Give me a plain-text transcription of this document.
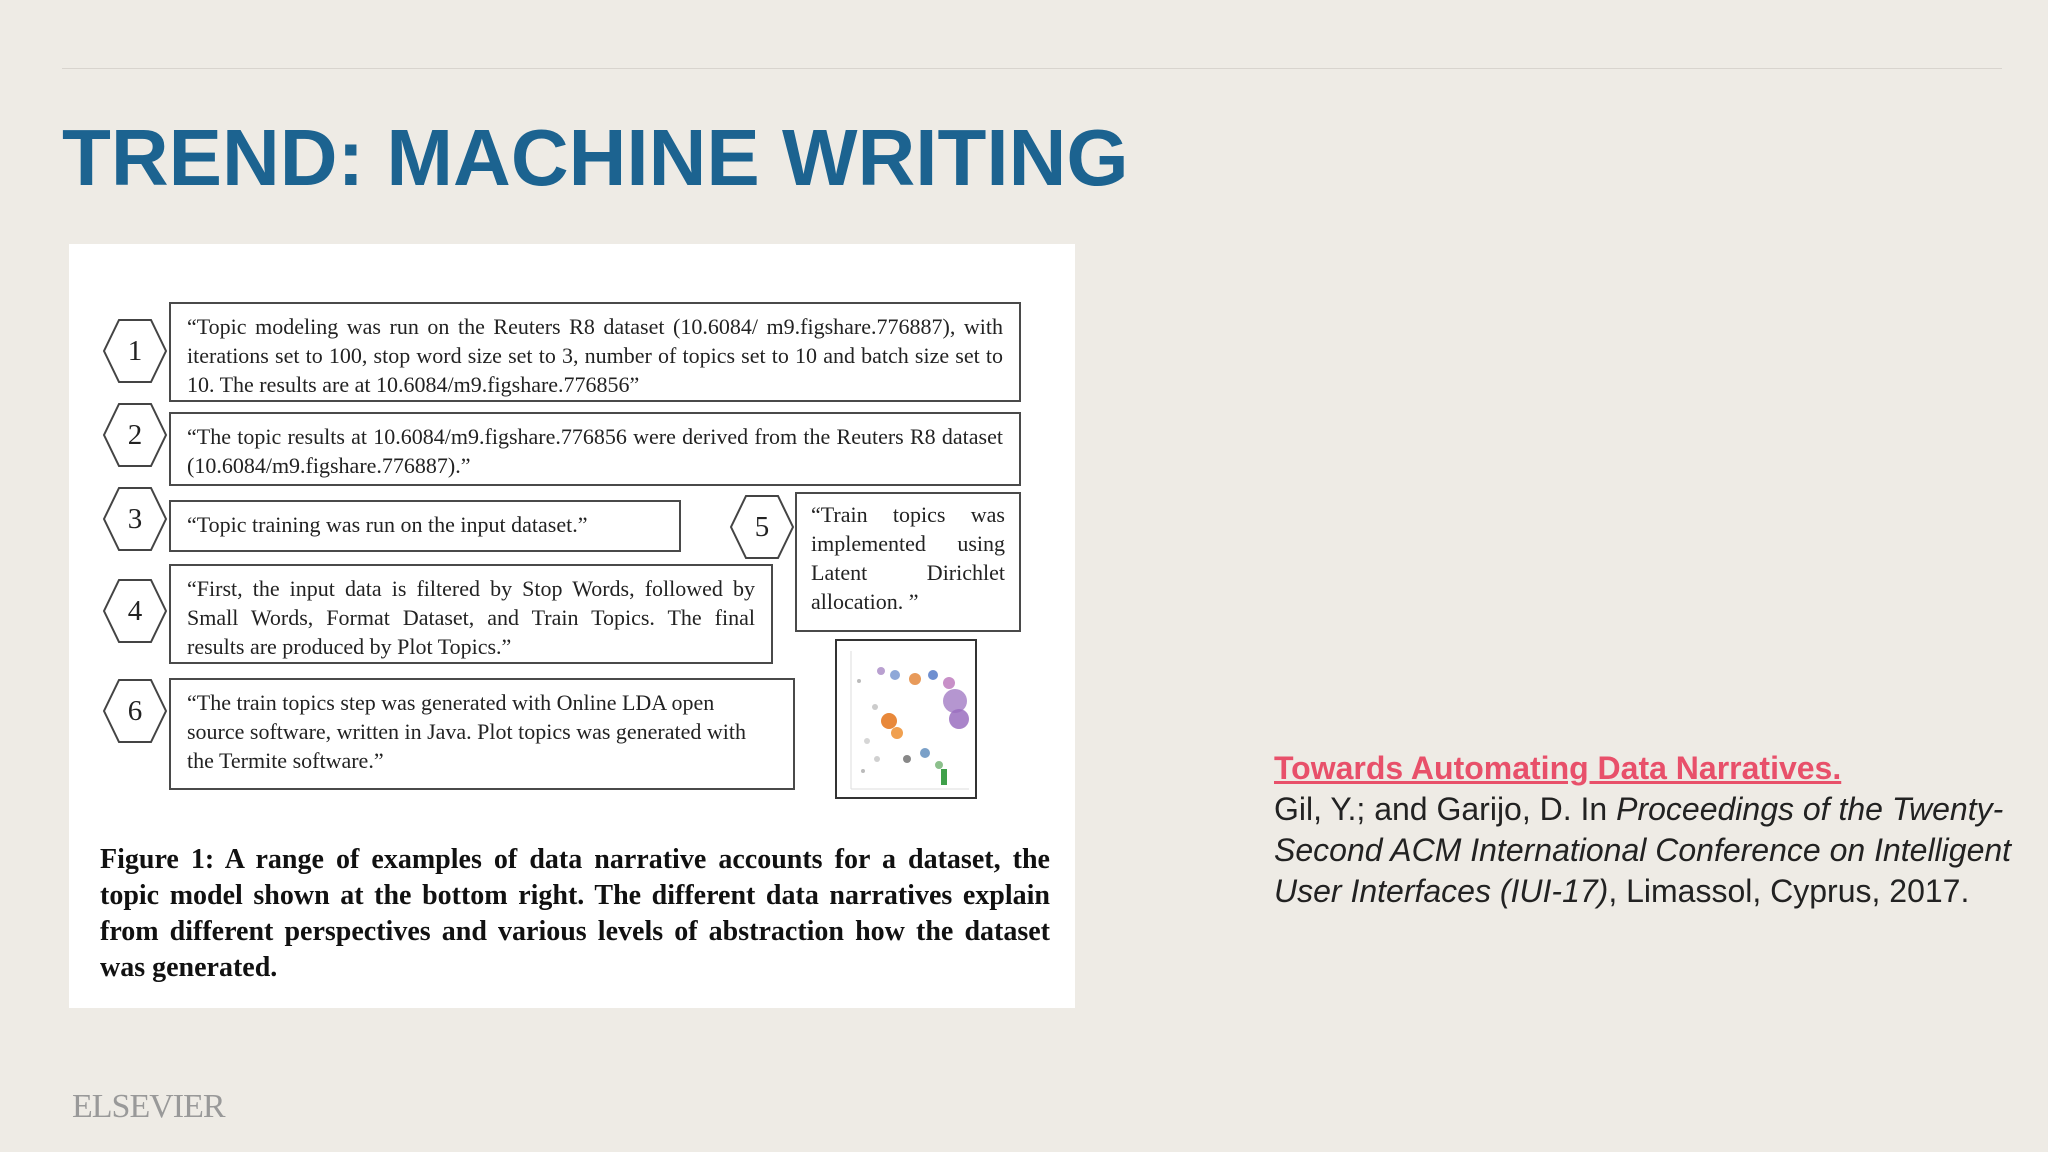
TREND: MACHINE WRITING
1
“Topic modeling was run on the Reuters R8 dataset (10.6084/ m9.figshare.776887), with iterations set to 100, stop word size set to 3, number of topics set to 10 and batch size set to 10. The results are at 10.6084/m9.figshare.776856”
2	“The topic results at 10.6084/m9.figshare.776856 were derived from the Reuters R8 dataset (10.6084/m9.figshare.776887).”
3	“Topic training was run on the input dataset.”
4
“First, the input data is filtered by Stop Words, followed by Small Words, Format Dataset, and Train Topics. The final results are produced by Plot Topics.”
5	“Train topics was implemented using Latent Dirichlet allocation. ”
6	“The train topics step was generated with Online LDA open source software, written in Java. Plot topics was generated with the Termite software.”

Figure 1: A range of examples of data narrative accounts for a dataset, the topic model shown at the bottom right. The different data narratives explain from different perspectives and various levels of abstraction how the dataset was generated.

Towards Automating Data Narratives.
Gil, Y.; and Garijo, D. In Proceedings of the Twenty-Second ACM International Conference on Intelligent User Interfaces (IUI-17), Limassol, Cyprus, 2017.
ELSEVIER
